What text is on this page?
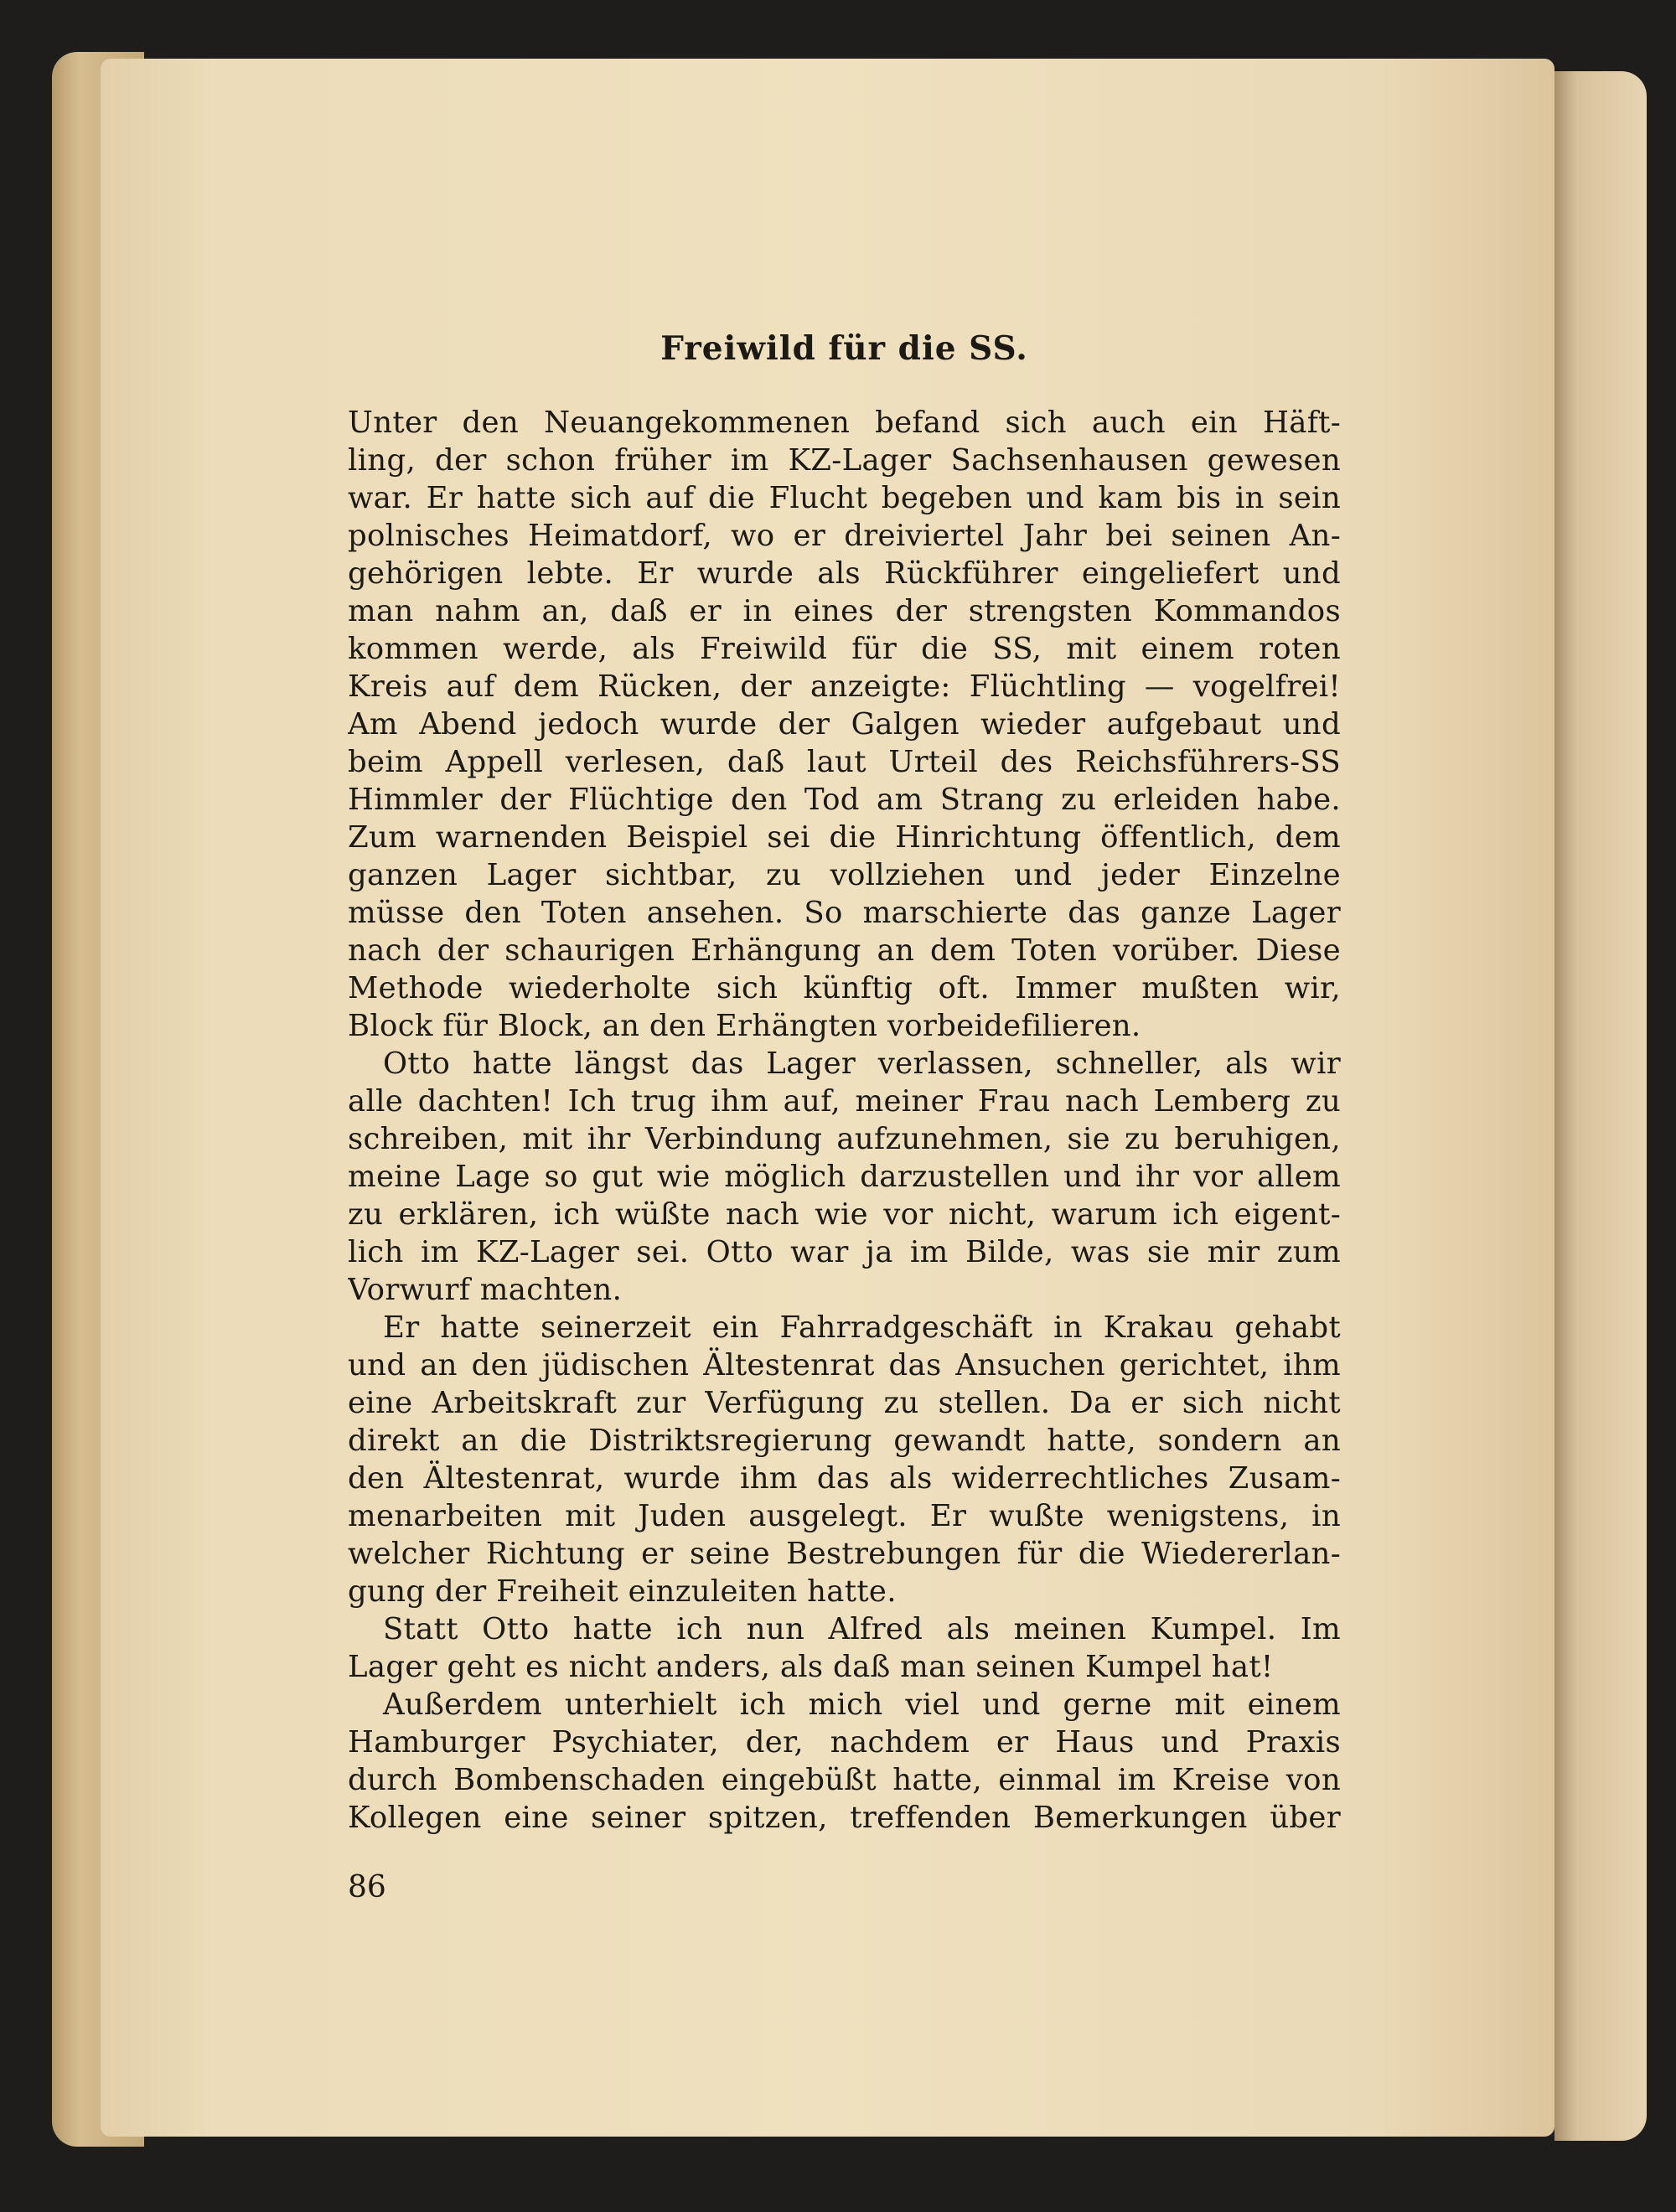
Freiwild für die SS.
Unter den Neuangekommenen befand sich auch ein Häft-
ling, der schon früher im KZ-Lager Sachsenhausen gewesen
war. Er hatte sich auf die Flucht begeben und kam bis in sein
polnisches Heimatdorf, wo er dreiviertel Jahr bei seinen An-
gehörigen lebte. Er wurde als Rückführer eingeliefert und
man nahm an, daß er in eines der strengsten Kommandos
kommen werde, als Freiwild für die SS, mit einem roten
Kreis auf dem Rücken, der anzeigte: Flüchtling — vogelfrei!
Am Abend jedoch wurde der Galgen wieder aufgebaut und
beim Appell verlesen, daß laut Urteil des Reichsführers-SS
Himmler der Flüchtige den Tod am Strang zu erleiden habe.
Zum warnenden Beispiel sei die Hinrichtung öffentlich, dem
ganzen Lager sichtbar, zu vollziehen und jeder Einzelne
müsse den Toten ansehen. So marschierte das ganze Lager
nach der schaurigen Erhängung an dem Toten vorüber. Diese
Methode wiederholte sich künftig oft. Immer mußten wir,
Block für Block, an den Erhängten vorbeidefilieren.
Otto hatte längst das Lager verlassen, schneller, als wir
alle dachten! Ich trug ihm auf, meiner Frau nach Lemberg zu
schreiben, mit ihr Verbindung aufzunehmen, sie zu beruhigen,
meine Lage so gut wie möglich darzustellen und ihr vor allem
zu erklären, ich wüßte nach wie vor nicht, warum ich eigent-
lich im KZ-Lager sei. Otto war ja im Bilde, was sie mir zum
Vorwurf machten.
Er hatte seinerzeit ein Fahrradgeschäft in Krakau gehabt
und an den jüdischen Ältestenrat das Ansuchen gerichtet, ihm
eine Arbeitskraft zur Verfügung zu stellen. Da er sich nicht
direkt an die Distriktsregierung gewandt hatte, sondern an
den Ältestenrat, wurde ihm das als widerrechtliches Zusam-
menarbeiten mit Juden ausgelegt. Er wußte wenigstens, in
welcher Richtung er seine Bestrebungen für die Wiedererlan-
gung der Freiheit einzuleiten hatte.
Statt Otto hatte ich nun Alfred als meinen Kumpel. Im
Lager geht es nicht anders, als daß man seinen Kumpel hat!
Außerdem unterhielt ich mich viel und gerne mit einem
Hamburger Psychiater, der, nachdem er Haus und Praxis
durch Bombenschaden eingebüßt hatte, einmal im Kreise von
Kollegen eine seiner spitzen, treffenden Bemerkungen über
86
